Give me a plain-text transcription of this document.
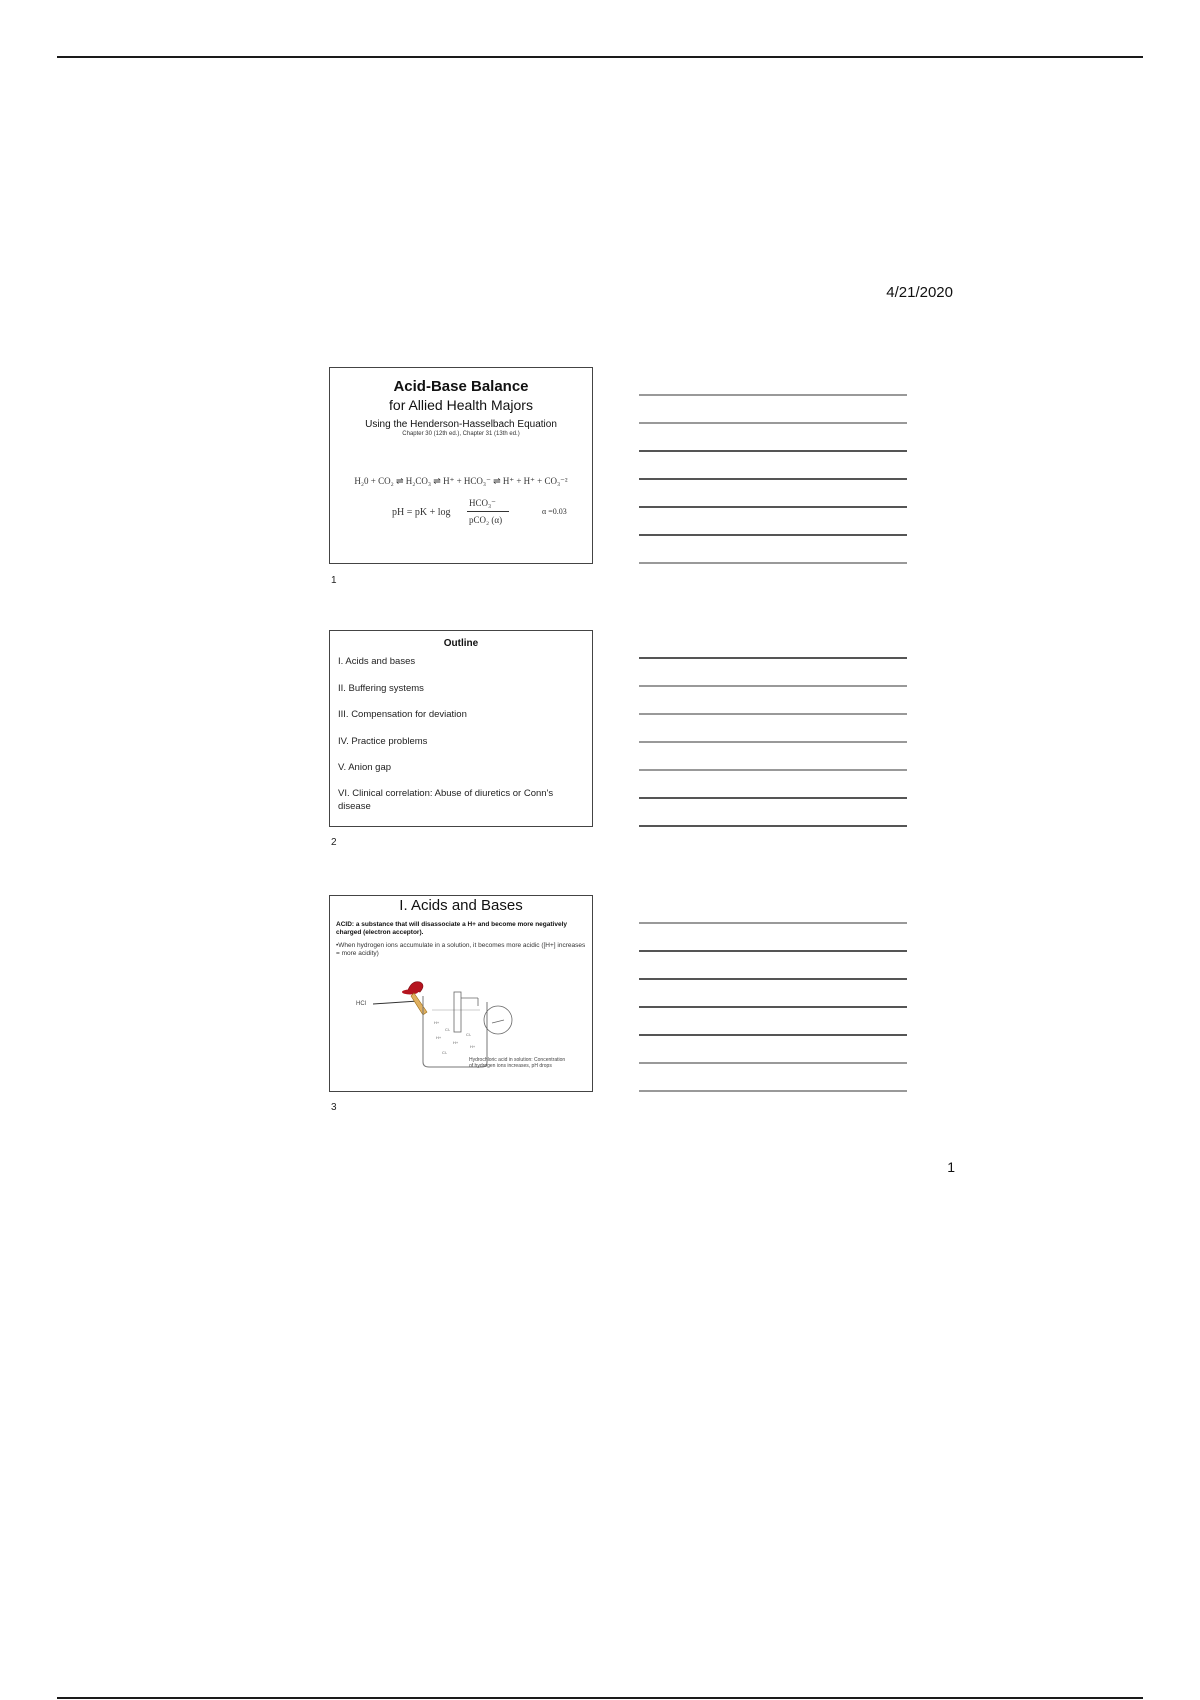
4/21/2020
Acid-Base Balance
for Allied Health Majors
Using the Henderson-Hasselbach Equation
Chapter 30 (12th ed.), Chapter 31 (13th ed.)
H₂0 + CO₂ ⇌ H₂CO₃ ⇌ H⁺ + HCO₃⁻ ⇌ H⁺ + H⁺ + CO₃⁻²
pH = pK + log
HCO₃⁻
pCO₂ (α)
α =0.03
1
Outline
I. Acids and bases
II. Buffering systems
III. Compensation for deviation
IV. Practice problems
V. Anion gap
VI. Clinical correlation: Abuse of diuretics or Conn's disease
2
I. Acids and Bases
ACID: a substance that will disassociate a H+ and become more negatively charged (electron acceptor).
•When hydrogen ions accumulate in a solution, it becomes more acidic ([H+] increases = more acidity)
HCl
H+
Cl-
H+
H+
Cl-
H+
Cl-
Hydrochloric acid in solution: Concentration of hydrogen ions increases, pH drops
3
1
